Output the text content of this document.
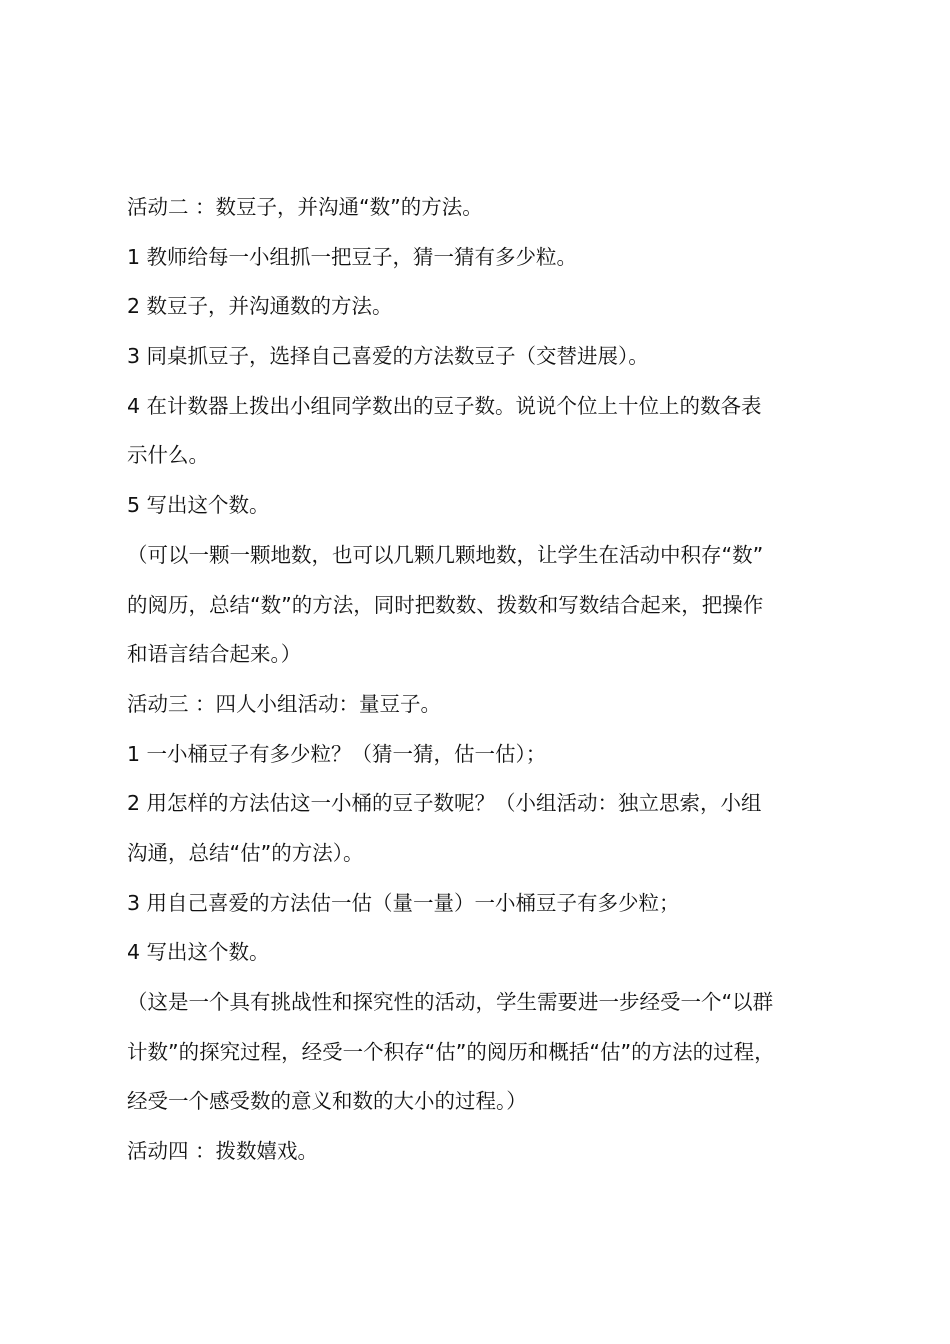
活动二 ：数豆子，并沟通“数”的方法。
1 教师给每一小组抓一把豆子，猜一猜有多少粒。
2 数豆子，并沟通数的方法。
3 同桌抓豆子，选择自己喜爱的方法数豆子（交替进展）。
4 在计数器上拨出小组同学数出的豆子数。说说个位上十位上的数各表
示什么。
5 写出这个数。
（可以一颗一颗地数，也可以几颗几颗地数，让学生在活动中积存“数”
的阅历，总结“数”的方法，同时把数数、拨数和写数结合起来，把操作
和语言结合起来。）
活动三 ：四人小组活动：量豆子。
1 一小桶豆子有多少粒？（猜一猜，估一估）；
2 用怎样的方法估这一小桶的豆子数呢？（小组活动：独立思索，小组
沟通，总结“估”的方法）。
3 用自己喜爱的方法估一估（量一量）一小桶豆子有多少粒；
4 写出这个数。
（这是一个具有挑战性和探究性的活动，学生需要进一步经受一个“以群
计数”的探究过程，经受一个积存“估”的阅历和概括“估”的方法的过程，
经受一个感受数的意义和数的大小的过程。）
活动四 ：拨数嬉戏。
